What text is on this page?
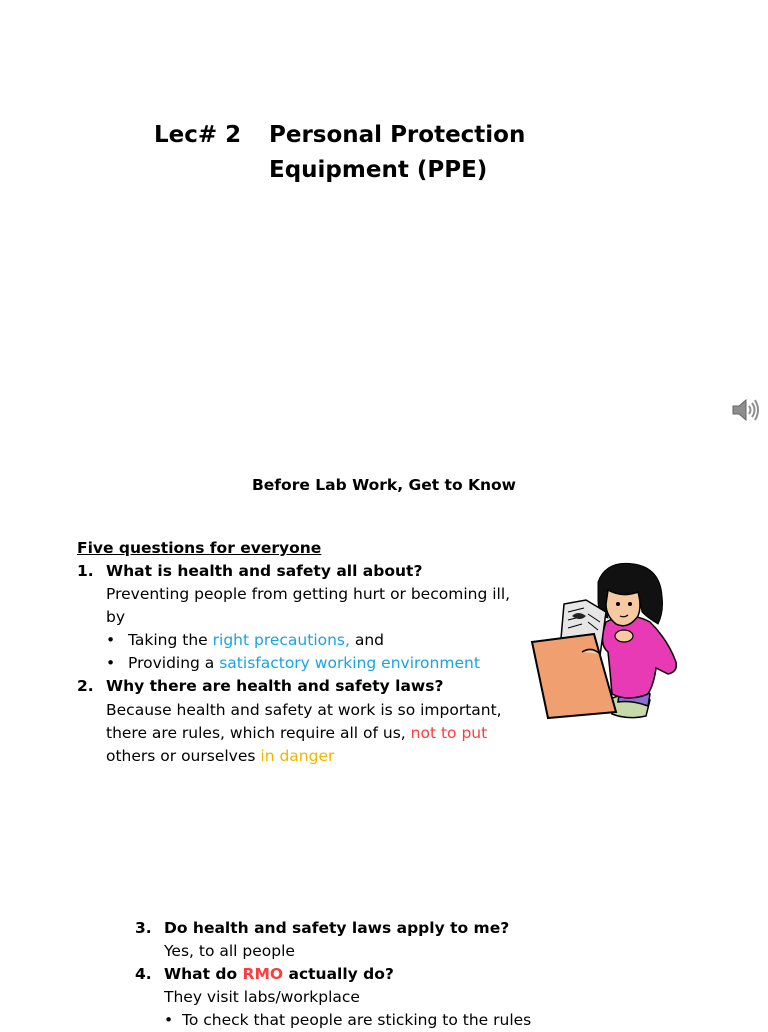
Lec# 2 Personal Protection
Equipment (PPE)
Before Lab Work, Get to Know
Five questions for everyone
1. What is health and safety all about?
Preventing people from getting hurt or becoming ill,
by
• Taking the right precautions, and
• Providing a satisfactory working environment
2. Why there are health and safety laws?
Because health and safety at work is so important,
there are rules, which require all of us, not to put
others or ourselves in danger
3. Do health and safety laws apply to me?
Yes, to all people
4. What do RMO actually do?
They visit labs/workplace
• To check that people are sticking to the rules
